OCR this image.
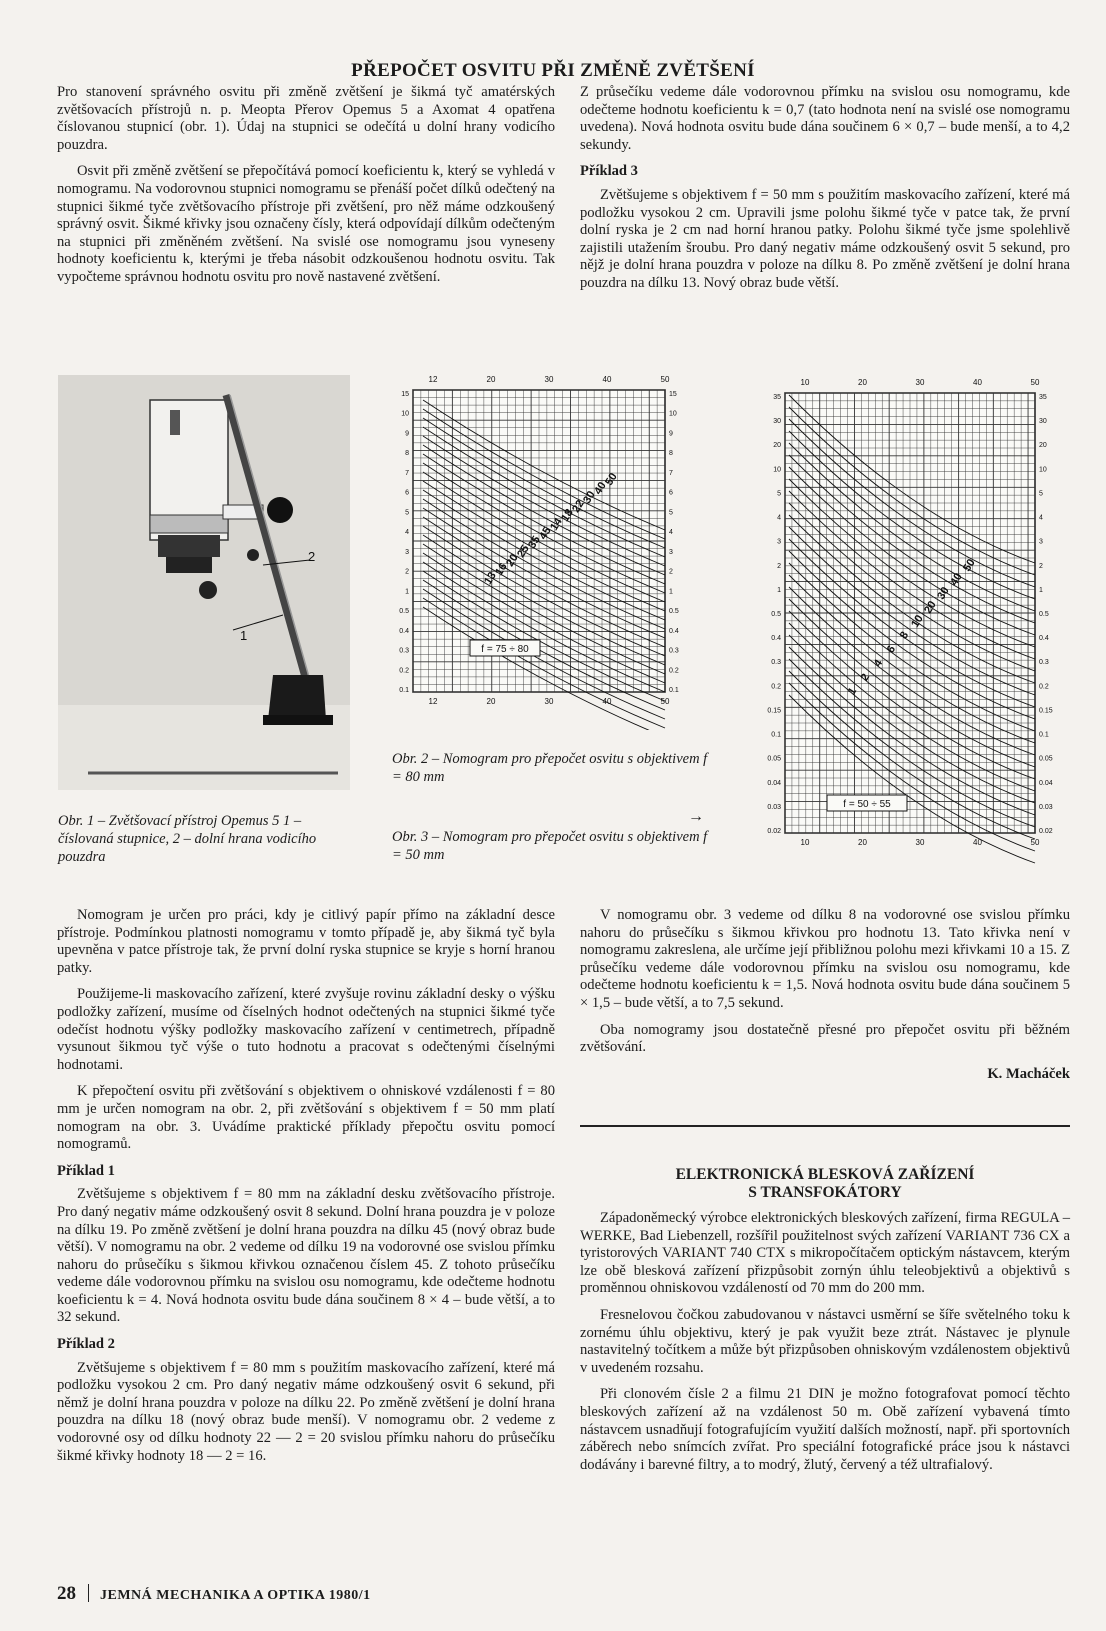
PŘEPOČET OSVITU PŘI ZMĚNĚ ZVĚTŠENÍ

Pro stanovení správného osvitu při změně zvětšení je šikmá tyč amatérských zvětšovacích přístrojů n. p. Meopta Přerov Opemus 5 a Axomat 4 opatřena číslovanou stupnicí (obr. 1). Údaj na stupnici se odečítá u dolní hrany vodicího pouzdra.

Osvit při změně zvětšení se přepočítává pomocí koeficientu k, který se vyhledá v nomogramu. Na vodorovnou stupnici nomogramu se přenáší počet dílků odečtený na stupnici šikmé tyče zvětšovacího přístroje při zvětšení, pro něž máme odzkoušený správný osvit. Šikmé křivky jsou označeny čísly, která odpovídají dílkům odečteným na stupnici při změněném zvětšení. Na svislé ose nomogramu jsou vyneseny hodnoty koeficientu k, kterými je třeba násobit odzkoušenou hodnotu osvitu. Tak vypočteme správnou hodnotu osvitu pro nově nastavené zvětšení.

Z průsečíku vedeme dále vodorovnou přímku na svislou osu nomogramu, kde odečteme hodnotu koeficientu k = 0,7 (tato hodnota není na svislé ose nomogramu uvedena). Nová hodnota osvitu bude dána součinem 6 × 0,7 – bude menší, a to 4,2 sekundy.

Příklad 3

Zvětšujeme s objektivem f = 50 mm s použitím maskovacího zařízení, které má podložku vysokou 2 cm. Upravili jsme polohu šikmé tyče v patce tak, že první dolní ryska je 2 cm nad horní hranou patky. Polohu šikmé tyče jsme spolehlivě zajistili utažením šroubu. Pro daný negativ máme odzkoušený osvit 5 sekund, pro nějž je dolní hrana pouzdra v poloze na dílku 8. Po změně zvětšení je dolní hrana pouzdra na dílku 13. Nový obraz bude větší.

2
1
Obr. 1 – Zvětšovací přístroj Opemus 5 1 – číslovaná stupnice, 2 – dolní hrana vodicího pouzdra
12	20	30	40	50
12	20	30	40	50
15
10
9
8
7
6
5
4
3
2
1
0.5
0.4
0.3
0.2
0.1
15
10
9
8
7
6
5
4
3
2
1
0.5
0.4
0.3
0.2
0.1
13
16
20
25
35
45
14
18
22
30
40
50
f = 75 ÷ 80
Obr. 2 – Nomogram pro přepočet osvitu s objektivem f = 80 mm
→
Obr. 3 – Nomogram pro přepočet osvitu s objektivem f = 50 mm
10	20	30	40	50
10	20	30	40	50
35
30
20
10
5
4
3
2
1
0.5
0.4
0.3
0.2
0.15
0.1
0.05
0.04
0.03
0.02
35
30
20
10
5
4
3
2
1
0.5
0.4
0.3
0.2
0.15
0.1
0.05
0.04
0.03
0.02
1
2
4
6
8
10
20
30
40
50
f = 50 ÷ 55

Nomogram je určen pro práci, kdy je citlivý papír přímo na základní desce přístroje. Podmínkou platnosti nomogramu v tomto případě je, aby šikmá tyč byla upevněna v patce přístroje tak, že první dolní ryska stupnice se kryje s horní hranou patky.

Použijeme-li maskovacího zařízení, které zvyšuje rovinu základní desky o výšku podložky zařízení, musíme od číselných hodnot odečtených na stupnici šikmé tyče odečíst hodnotu výšky podložky maskovacího zařízení v centimetrech, případně vysunout šikmou tyč výše o tuto hodnotu a pracovat s odečtenými číselnými hodnotami.

K přepočtení osvitu při zvětšování s objektivem o ohniskové vzdálenosti f = 80 mm je určen nomogram na obr. 2, při zvětšování s objektivem f = 50 mm platí nomogram na obr. 3. Uvádíme praktické příklady přepočtu osvitu pomocí nomogramů.

Příklad 1

Zvětšujeme s objektivem f = 80 mm na základní desku zvětšovacího přístroje. Pro daný negativ máme odzkoušený osvit 8 sekund. Dolní hrana pouzdra je v poloze na dílku 19. Po změně zvětšení je dolní hrana pouzdra na dílku 45 (nový obraz bude větší). V nomogramu na obr. 2 vedeme od dílku 19 na vodorovné ose svislou přímku nahoru do průsečíku s šikmou křivkou označenou číslem 45. Z tohoto průsečíku vedeme dále vodorovnou přímku na svislou osu nomogramu, kde odečteme hodnotu koeficientu k = 4. Nová hodnota osvitu bude dána součinem 8 × 4 – bude větší, a to 32 sekund.

Příklad 2

Zvětšujeme s objektivem f = 80 mm s použitím maskovacího zařízení, které má podložku vysokou 2 cm. Pro daný negativ máme odzkoušený osvit 6 sekund, při němž je dolní hrana pouzdra v poloze na dílku 22. Po změně zvětšení je dolní hrana pouzdra na dílku 18 (nový obraz bude menší). V nomogramu obr. 2 vedeme z vodorovné osy od dílku hodnoty 22 — 2 = 20 svislou přímku nahoru do průsečíku šikmé křivky hodnoty 18 — 2 = 16.

V nomogramu obr. 3 vedeme od dílku 8 na vodorovné ose svislou přímku nahoru do průsečíku s šikmou křivkou pro hodnotu 13. Tato křivka není v nomogramu zakreslena, ale určíme její přibližnou polohu mezi křivkami 10 a 15. Z průsečíku vedeme dále vodorovnou přímku na svislou osu nomogramu, kde odečteme hodnotu koeficientu k = 1,5. Nová hodnota osvitu bude dána součinem 5 × 1,5 – bude větší, a to 7,5 sekund.

Oba nomogramy jsou dostatečně přesné pro přepočet osvitu při běžném zvětšování.

K. Macháček
ELEKTRONICKÁ BLESKOVÁ ZAŘÍZENÍ
S TRANSFOKÁTORY

Západoněmecký výrobce elektronických bleskových zařízení, firma REGULA – WERKE, Bad Liebenzell, rozšířil použitelnost svých zařízení VARIANT 736 CX a tyristorových VARIANT 740 CTX s mikropočítačem optickým nástavcem, kterým lze obě blesková zařízení přizpůsobit zornýn úhlu teleobjektivů a objektivů s proměnnou ohniskovou vzdáleností od 70 mm do 200 mm.

Fresnelovou čočkou zabudovanou v nástavci usměrní se šíře světelného toku k zornému úhlu objektivu, který je pak využit beze ztrát. Nástavec je plynule nastavitelný točítkem a může být přizpůsoben ohniskovým vzdálenostem objektivů v uvedeném rozsahu.

Při clonovém čísle 2 a filmu 21 DIN je možno fotografovat pomocí těchto bleskových zařízení až na vzdálenost 50 m. Obě zařízení vybavená tímto nástavcem usnadňují fotografujícím využití dalších možností, např. při sportovních záběrech nebo snímcích zvířat. Pro speciální fotografické práce jsou k nástavci dodávány i barevné filtry, a to modrý, žlutý, červený a též ultrafialový.

28 JEMNÁ MECHANIKA A OPTIKA 1980/1
